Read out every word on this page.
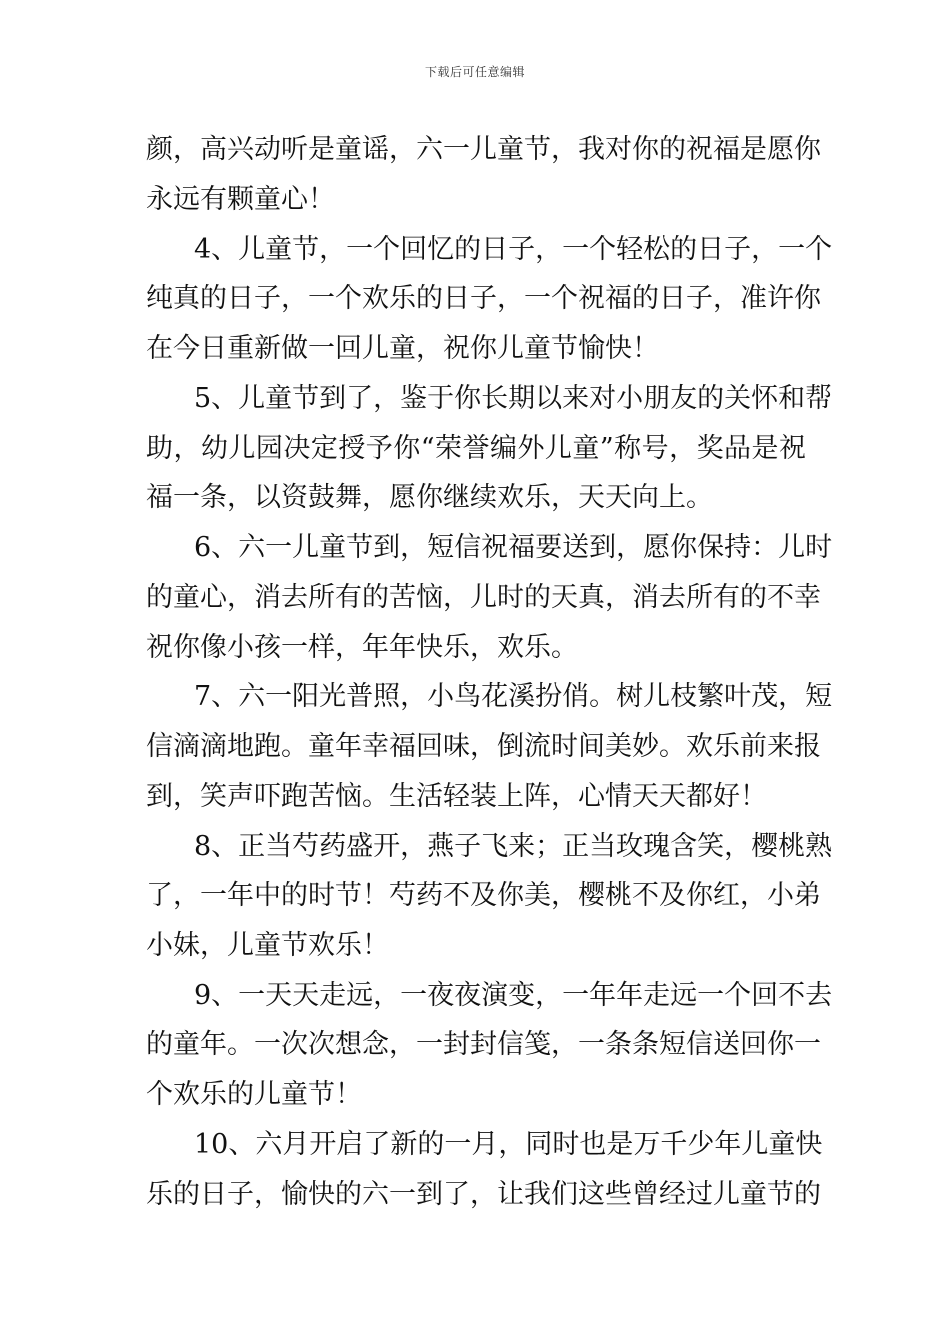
下载后可任意编辑
颜，高兴动听是童谣，六一儿童节，我对你的祝福是愿你
永远有颗童心！
4、儿童节，一个回忆的日子，一个轻松的日子，一个
纯真的日子，一个欢乐的日子，一个祝福的日子，准许你
在今日重新做一回儿童，祝你儿童节愉快！
5、儿童节到了，鉴于你长期以来对小朋友的关怀和帮
助，幼儿园决定授予你“荣誉编外儿童”称号，奖品是祝
福一条，以资鼓舞，愿你继续欢乐，天天向上。
6、六一儿童节到，短信祝福要送到，愿你保持：儿时
的童心，消去所有的苦恼，儿时的天真，消去所有的不幸
祝你像小孩一样，年年快乐，欢乐。
7、六一阳光普照，小鸟花溪扮俏。树儿枝繁叶茂，短
信滴滴地跑。童年幸福回味，倒流时间美妙。欢乐前来报
到，笑声吓跑苦恼。生活轻装上阵，心情天天都好！
8、正当芍药盛开，燕子飞来；正当玫瑰含笑，樱桃熟
了，一年中的时节！芍药不及你美，樱桃不及你红，小弟
小妹，儿童节欢乐！
9、一天天走远，一夜夜演变，一年年走远一个回不去
的童年。一次次想念，一封封信笺，一条条短信送回你一
个欢乐的儿童节！
10、六月开启了新的一月，同时也是万千少年儿童快
乐的日子，愉快的六一到了，让我们这些曾经过儿童节的
